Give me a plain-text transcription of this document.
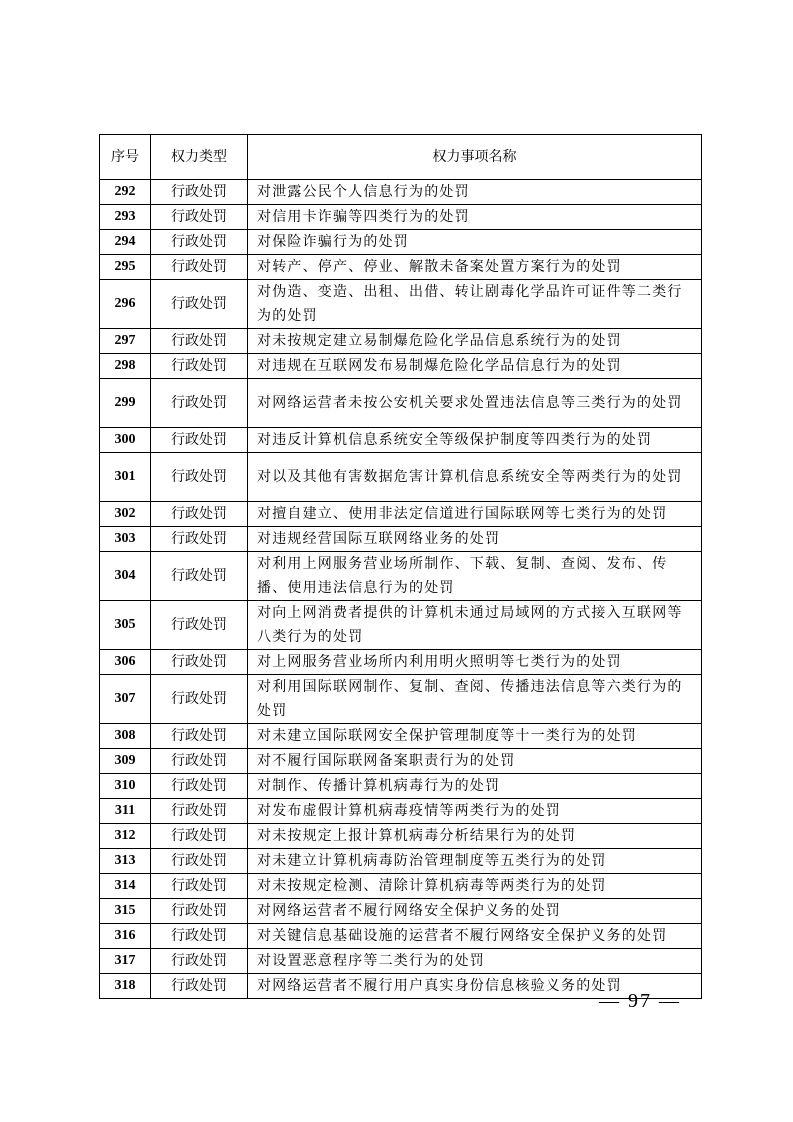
序号	权力类型	权力事项名称
292	行政处罚	对泄露公民个人信息行为的处罚
293	行政处罚	对信用卡诈骗等四类行为的处罚
294	行政处罚	对保险诈骗行为的处罚
295	行政处罚	对转产、停产、停业、解散未备案处置方案行为的处罚
296	行政处罚	对伪造、变造、出租、出借、转让剧毒化学品许可证件等二类行为的处罚
297	行政处罚	对未按规定建立易制爆危险化学品信息系统行为的处罚
298	行政处罚	对违规在互联网发布易制爆危险化学品信息行为的处罚
299	行政处罚	对网络运营者未按公安机关要求处置违法信息等三类行为的处罚
300	行政处罚	对违反计算机信息系统安全等级保护制度等四类行为的处罚
301	行政处罚	对以及其他有害数据危害计算机信息系统安全等两类行为的处罚
302	行政处罚	对擅自建立、使用非法定信道进行国际联网等七类行为的处罚
303	行政处罚	对违规经营国际互联网络业务的处罚
304	行政处罚	对利用上网服务营业场所制作、下载、复制、查阅、发布、传播、使用违法信息行为的处罚
305	行政处罚	对向上网消费者提供的计算机未通过局域网的方式接入互联网等八类行为的处罚
306	行政处罚	对上网服务营业场所内利用明火照明等七类行为的处罚
307	行政处罚	对利用国际联网制作、复制、查阅、传播违法信息等六类行为的处罚
308	行政处罚	对未建立国际联网安全保护管理制度等十一类行为的处罚
309	行政处罚	对不履行国际联网备案职责行为的处罚
310	行政处罚	对制作、传播计算机病毒行为的处罚
311	行政处罚	对发布虚假计算机病毒疫情等两类行为的处罚
312	行政处罚	对未按规定上报计算机病毒分析结果行为的处罚
313	行政处罚	对未建立计算机病毒防治管理制度等五类行为的处罚
314	行政处罚	对未按规定检测、清除计算机病毒等两类行为的处罚
315	行政处罚	对网络运营者不履行网络安全保护义务的处罚
316	行政处罚	对关键信息基础设施的运营者不履行网络安全保护义务的处罚
317	行政处罚	对设置恶意程序等二类行为的处罚
318	行政处罚	对网络运营者不履行用户真实身份信息核验义务的处罚
— 97 —
